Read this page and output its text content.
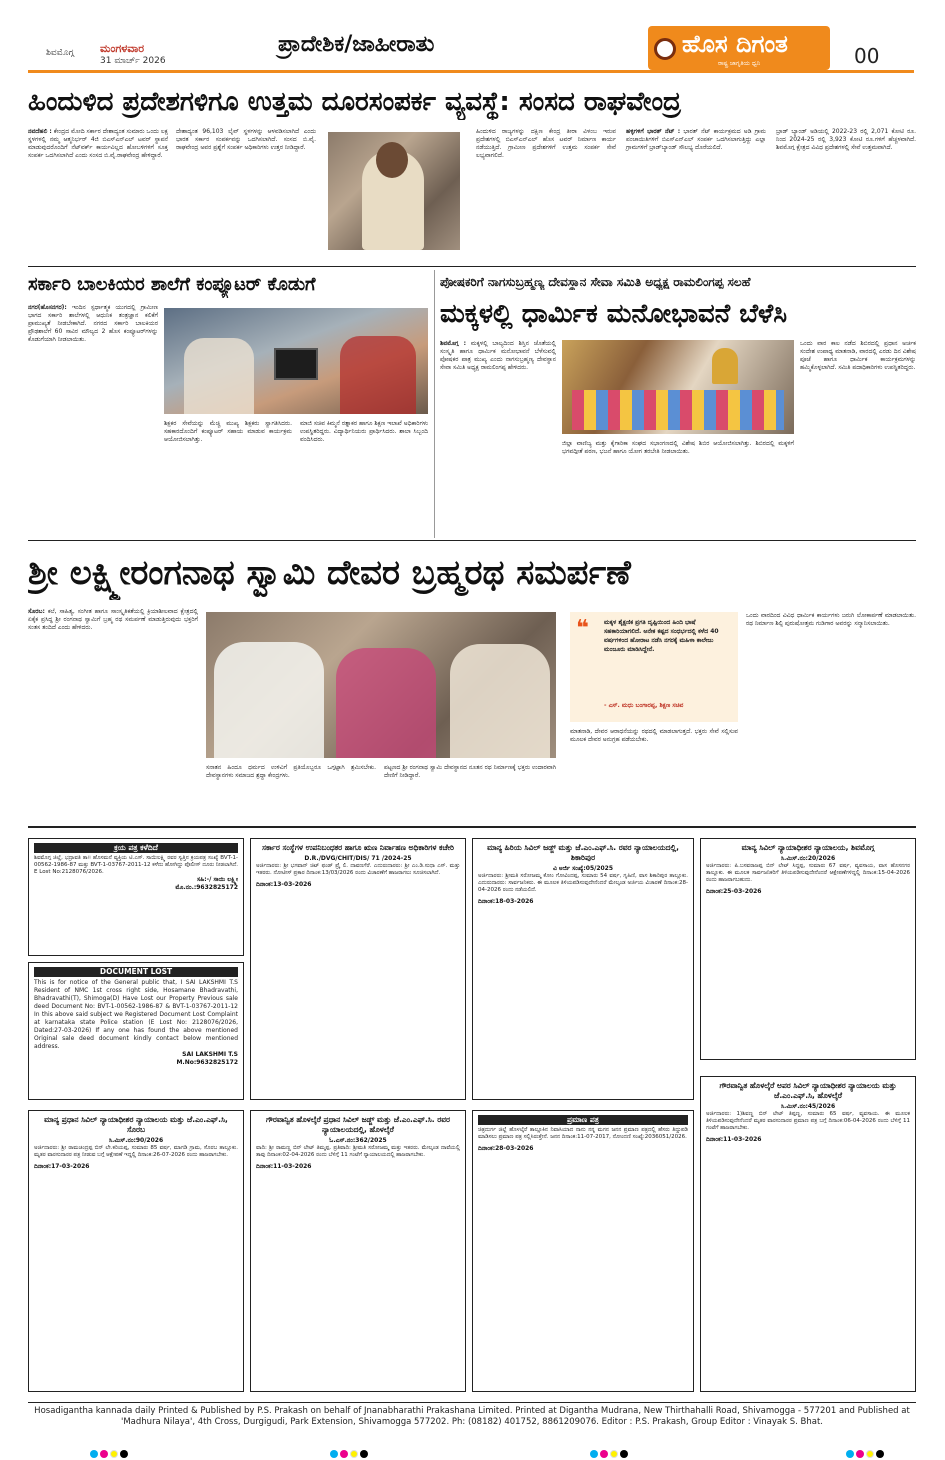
ಶಿವಮೊಗ್ಗ ಮಂಗಳವಾರ
31 ಮಾರ್ಚ್ 2026
ಪ್ರಾದೇಶಿಕ/ಜಾಹೀರಾತು	ಹೊಸ ದಿಗಂತ
ರಾಷ್ಟ್ರ ಜಾಗೃತಿಯ ಧ್ವನಿ	00
ಹಿಂದುಳಿದ ಪ್ರದೇಶಗಳಿಗೂ ಉತ್ತಮ ದೂರಸಂಪರ್ಕ ವ್ಯವಸ್ಥೆ: ಸಂಸದ ರಾಘವೇಂದ್ರ
ನವದೆಹಲಿ : ಕೇಂದ್ರದ ಮೋದಿ ಸರ್ಕಾರ ದೇಶಾದ್ಯಂತ ಸುಮಾರು ಒಂದು ಲಕ್ಷ ಸ್ಥಳಗಳಲ್ಲಿ ನಮ್ಮ ಆತ್ಮನಿರ್ಭರ್ 4ಜಿ ಬಿಎಸ್ಎನ್ಎಲ್ ಟವರ್ ಸ್ಥಾಪನೆ ಮಾಡುವುದರೊಂದಿಗೆ ನೆಟ್‌ವರ್ಕ್ ಕಾರ್ಯವಿಲ್ಲದ ಹೋಬಳಿಗಳಿಗೆ ಸೂಕ್ತ ಸಂಪರ್ಕ ಒದಗಿಸಲಾಗಿದೆ ಎಂದು ಸಂಸದ ಬಿ.ವೈ.ರಾಘವೇಂದ್ರ ಹೇಳಿದ್ದಾರೆ.
ದೇಶಾದ್ಯಂತ 96,103 ಲೈವ್ ಸ್ಥಳಗಳನ್ನು ಆಳವಡಿಸಲಾಗಿದೆ ಎಂದು ಭಾರತ ಸರ್ಕಾರ ಸಂಪರ್ಕವನ್ನು ಒದಗಿಸಲಾಗಿದೆ. ಸಂಸದ ಬಿ.ವೈ. ರಾಘವೇಂದ್ರ ಅವರ ಪ್ರಶ್ನೆಗೆ ಸಂಪರ್ಕ ಅಧಿಕಾರಿಗಳು ಉತ್ತರ ನೀಡಿದ್ದಾರೆ.
ಹಿಂದುಳಿದ ರಾಜ್ಯಗಳನ್ನು ದಕ್ಷಿಣ ಕೇಂದ್ರ ತೀರಾ ವಿಳಂಬ ಇರುವ ಪ್ರದೇಶಗಳಲ್ಲಿ ಬಿಎಸ್ಎನ್ಎಲ್ ಹೊಸ ಟವರ್ ನಿರ್ಮಾಣ ಕಾರ್ಯ ನಡೆಯುತ್ತಿದೆ. ಗ್ರಾಮೀಣ ಪ್ರದೇಶಗಳಿಗೆ ಉತ್ತಮ ಸಂಪರ್ಕ ಸೇವೆ ಲಭ್ಯವಾಗಲಿದೆ.
ಹಳ್ಳಿಗಳಿಗೆ ಭಾರತ್ ನೆಟ್ : ಭಾರತ್ ನೆಟ್ ಕಾರ್ಯಕ್ರಮದ ಅಡಿ ಗ್ರಾಮ ಪಂಚಾಯಿತಿಗಳಿಗೆ ಬಿಎಸ್ಎನ್ಎಲ್ ಸಂಪರ್ಕ ಒದಗಿಸಲಾಗುತ್ತಿದ್ದು ಎಲ್ಲಾ ಗ್ರಾಮಗಳಿಗೆ ಬ್ರಾಡ್‌ಬ್ಯಾಂಡ್ ಸೌಲಭ್ಯ ದೊರೆಯಲಿದೆ.
ಬ್ರಾಡ್ ಬ್ಯಾಂಡ್ ಅಡಿಯಲ್ಲಿ 2022-23 ರಲ್ಲಿ 2,071 ಕೋಟಿ ರೂ. ನಿಂದ 2024-25 ರಲ್ಲಿ 3,923 ಕೋಟಿ ರೂ.ಗಳಿಗೆ ಹೆಚ್ಚಳವಾಗಿದೆ. ಶಿವಮೊಗ್ಗ ಕ್ಷೇತ್ರದ ವಿವಿಧ ಪ್ರದೇಶಗಳಲ್ಲಿ ಸೇವೆ ಉತ್ತಮವಾಗಿದೆ.
ಸರ್ಕಾರಿ ಬಾಲಕಿಯರ ಶಾಲೆಗೆ ಕಂಪ್ಯೂಟರ್ ಕೊಡುಗೆ
ನಗರ(ಹೊಸನಗರ): ಇಂದಿನ ಸ್ಪರ್ಧಾತ್ಮಕ ಯುಗದಲ್ಲಿ ಗ್ರಾಮೀಣ ಭಾಗದ ಸರ್ಕಾರಿ ಶಾಲೆಗಳಲ್ಲಿ ಆಧುನಿಕ ತಂತ್ರಜ್ಞಾನ ಕಲಿಕೆಗೆ ಪ್ರಾಮುಖ್ಯತೆ ನೀಡಬೇಕಾಗಿದೆ. ನಗರದ ಸರ್ಕಾರಿ ಬಾಲಕಿಯರ ಪ್ರೌಢಶಾಲೆಗೆ 60 ಸಾವಿರ ಮೌಲ್ಯದ 2 ಹೊಸ ಕಂಪ್ಯೂಟರ್‌ಗಳನ್ನು ಕೊಡುಗೆಯಾಗಿ ನೀಡಲಾಯಿತು.
ಶಿಕ್ಷಕರ ಸೇವೆಯನ್ನು ಮೆಚ್ಚಿ ಮುಖ್ಯ ಶಿಕ್ಷಕರು ಸ್ವಾಗತಿಸಿದರು. ಸಹಕಾರದೊಂದಿಗೆ ಕಂಪ್ಯೂಟರ್ ಸಹಾಯ ಮಾಡುವ ಕಾರ್ಯಕ್ರಮ ಆಯೋಜಿಸಲಾಗಿತ್ತು.
ಮಾಜಿ ಸಚಿವ ಕಿಮ್ಮನೆ ರತ್ನಾಕರ ಹಾಗೂ ಶಿಕ್ಷಣ ಇಲಾಖೆ ಅಧಿಕಾರಿಗಳು ಉಪಸ್ಥಿತರಿದ್ದರು. ವಿದ್ಯಾರ್ಥಿನಿಯರು ಪ್ರಾರ್ಥಿಸಿದರು. ಶಾಲಾ ಸಿಬ್ಬಂದಿ ವಂದಿಸಿದರು.
ಪೋಷಕರಿಗೆ ನಾಗಸುಬ್ರಹ್ಮಣ್ಯ ದೇವಸ್ಥಾನ ಸೇವಾ ಸಮಿತಿ ಅಧ್ಯಕ್ಷ ರಾಮಲಿಂಗಪ್ಪ ಸಲಹೆ
ಮಕ್ಕಳಲ್ಲಿ ಧಾರ್ಮಿಕ ಮನೋಭಾವನೆ ಬೆಳೆಸಿ
ಶಿವಮೊಗ್ಗ : ಮಕ್ಕಳಲ್ಲಿ ಬಾಲ್ಯದಿಂದ ಶಿಸ್ತಿನ ಜೊತೆಯಲ್ಲಿ ಸಂಸ್ಕೃತಿ ಹಾಗೂ ಧಾರ್ಮಿಕ ಮನೋಭಾವನೆ ಬೆಳೆಸುವಲ್ಲಿ ಪೋಷಕರ ಪಾತ್ರ ಮುಖ್ಯ ಎಂದು ನಾಗಸುಬ್ರಹ್ಮಣ್ಯ ದೇವಸ್ಥಾನ ಸೇವಾ ಸಮಿತಿ ಅಧ್ಯಕ್ಷ ರಾಮಲಿಂಗಪ್ಪ ಹೇಳಿದರು.
ಜಿಲ್ಲಾ ವಾಣಿಜ್ಯ ಮತ್ತು ಕೈಗಾರಿಕಾ ಸಂಘದ ಸಭಾಂಗಣದಲ್ಲಿ ವಿಶೇಷ ಶಿಬಿರ ಆಯೋಜಿಸಲಾಗಿತ್ತು. ಶಿಬಿರದಲ್ಲಿ ಮಕ್ಕಳಿಗೆ ಭಗವದ್ಗೀತೆ ಪಠಣ, ಭಜನೆ ಹಾಗೂ ಯೋಗ ತರಬೇತಿ ನೀಡಲಾಯಿತು.
ಒಂದು ವಾರ ಕಾಲ ನಡೆದ ಶಿಬಿರದಲ್ಲಿ ಪ್ರಧಾನ ಅರ್ಚಕ ಸಂದೇಶ ಉಪಾಧ್ಯ ಮಾತನಾಡಿ, ವಾರದಲ್ಲಿ ಎರಡು ದಿನ ವಿಶೇಷ ಪೂಜೆ ಹಾಗೂ ಧಾರ್ಮಿಕ ಕಾರ್ಯಕ್ರಮಗಳನ್ನು ಹಮ್ಮಿಕೊಳ್ಳಲಾಗಿದೆ. ಸಮಿತಿ ಪದಾಧಿಕಾರಿಗಳು ಉಪಸ್ಥಿತರಿದ್ದರು.
ಶ್ರೀ ಲಕ್ಷ್ಮೀರಂಗನಾಥ ಸ್ವಾಮಿ ದೇವರ ಬ್ರಹ್ಮರಥ ಸಮರ್ಪಣೆ
ಸೊರಬ: ಕಲೆ, ಸಾಹಿತ್ಯ, ಸಂಗೀತ ಹಾಗೂ ಸಾಂಸ್ಕೃತಿಕತೆಯಲ್ಲಿ ಕ್ರಿಯಾಶೀಲವಾದ ಕ್ಷೇತ್ರದಲ್ಲಿ ಏಕೈಕ ಪ್ರಸಿದ್ಧ ಶ್ರೀ ರಂಗನಾಥ ಸ್ವಾಮಿಗೆ ಬ್ರಹ್ಮ ರಥ ಸಮರ್ಪಣೆ ಮಾಡುತ್ತಿರುವುದು ಭಕ್ತರಿಗೆ ಸಂತಸ ತಂದಿದೆ ಎಂದು ಹೇಳಿದರು.
ಸನಾತನ ಹಿಂದೂ ಧರ್ಮದ ಉಳಿವಿಗೆ ಪ್ರತಿಯೊಬ್ಬರೂ ಒಗ್ಗಟ್ಟಾಗಿ ಶ್ರಮಿಸಬೇಕು. ದೇವಸ್ಥಾನಗಳು ಸಮಾಜದ ಶ್ರದ್ಧಾ ಕೇಂದ್ರಗಳು.
ಪಟ್ಟಣದ ಶ್ರೀ ರಂಗನಾಥ ಸ್ವಾಮಿ ದೇವಸ್ಥಾನದ ನೂತನ ರಥ ನಿರ್ಮಾಣಕ್ಕೆ ಭಕ್ತರು ಉದಾರವಾಗಿ ದೇಣಿಗೆ ನೀಡಿದ್ದಾರೆ.
❝	ಮಕ್ಕಳ ಶೈಕ್ಷಣಿಕ ಪ್ರಗತಿ ದೃಷ್ಟಿಯಿಂದ ಹಿಂದಿ ಭಾಷೆ ಸಹಕಾರಿಯಾಗಲಿದೆ. ಅನೇಕ ಕಷ್ಟದ ಸಂಧರ್ಭದಲ್ಲಿ ಕಳೆದ 40 ವರ್ಷಗಳಿಂದ ಹೋರಾಟ ನಡೆಸಿ ನಗರಕ್ಕೆ ಮಹಿಳಾ ಕಾಲೇಜು ಮಂಜೂರು ಮಾಡಿಸಿದ್ದೇನೆ.
- ಎಸ್. ಮಧು ಬಂಗಾರಪ್ಪ, ಶಿಕ್ಷಣ ಸಚಿವ
ಮಾತನಾಡಿ, ದೇವರ ಆರಾಧನೆಯನ್ನು ರಥದಲ್ಲಿ ಮಾಡಲಾಗುತ್ತದೆ. ಭಕ್ತರು ಸೇವೆ ಸಲ್ಲಿಸುವ ಮೂಲಕ ದೇವರ ಅನುಗ್ರಹ ಪಡೆಯಬೇಕು.
ಒಂದು ವಾರದಿಂದ ವಿವಿಧ ಧಾರ್ಮಿಕ ಕಾರ್ಯಗಳು ಜರುಗಿ ಲೋಕಾರ್ಪಣೆ ಮಾಡಲಾಯಿತು. ರಥ ನಿರ್ಮಾಣ ಶಿಲ್ಪಿ ಪುರುಷೋತ್ತಮ ಗುಡಿಗಾರ ಅವರನ್ನು ಸನ್ಮಾನಿಸಲಾಯಿತು.
ಕ್ರಯ ಪತ್ರ ಕಳೆದಿದೆ
ಶಿವಮೊಗ್ಗ ಜಿಲ್ಲೆ, ಭದ್ರಾವತಿ ತಾ॥ ಹೊಸಮನೆ ವ್ಯಕ್ತಿಯ ಟಿ.ಎಸ್. ಸಾಯಿಲಕ್ಷ್ಮಿ ರವರ ಸ್ವತ್ತಿನ ಕ್ರಯಪತ್ರ ಸಂಖ್ಯೆ BVT-1-00562-1986-87 ಮತ್ತು BVT-1-03767-2011-12 ಕಳೆದು ಹೋಗಿದ್ದು ಪೊಲೀಸ್ ದೂರು ನೀಡಲಾಗಿದೆ. E Lost No:2128076/2026.
ಸಹಿ:-/ ಸಾಯಿ ಲಕ್ಷ್ಮೀ
ಮೊ.ನಂ.:9632825172
DOCUMENT LOST
This is for notice of the General public that, I SAI LAKSHMI T.S Resident of NMC 1st cross right side, Hosamane Bhadravathi, Bhadravathi(T), Shimoga(D) Have Lost our Property Previous sale deed Document No: BVT-1-00562-1986-87 & BVT-1-03767-2011-12 In this above said subject we Registered Document Lost Complaint at karnataka state Police station (E Lost No: 2128076/2026, Dated:27-03-2026) If any one has found the above mentioned Original sale deed document kindly contact below mentioned address.
SAI LAKSHMI T.S
M.No:9632825172
ಸರ್ಕಾರ ಸಂಸ್ಥೆಗಳ ಉಪನಿಬಂಧಕರ ಹಾಗೂ ಋಣ ನಿರ್ವಾಹಣ ಅಧಿಕಾರಿಗಳ ಕಚೇರಿ
D.R./DVG/CHIT/DIS/ 71 /2024-25
ಅರ್ಜಿದಾರರು: ಶ್ರೀ ಭಗವಾನ್ ಚಿಟ್ ಫಂಡ್ ಪ್ರೈ ಲಿ. ದಾವಣಗೆರೆ. ಎದುರುದಾರರು: ಶ್ರೀ ಎಂ.ಡಿ.ಸುಧಾ ಎಸ್. ಮತ್ತು ಇತರರು. ನೋಟೀಸ್ ಪ್ರಕಾರ ದಿನಾಂಕ:13/03/2026 ರಂದು ವಿಚಾರಣೆಗೆ ಹಾಜರಾಗಲು ಸೂಚಿಸಲಾಗಿದೆ.
ದಿನಾಂಕ:13-03-2026
ಮಾನ್ಯ ಹಿರಿಯ ಸಿವಿಲ್ ಜಡ್ಜ್ ಮತ್ತು ಜೆ.ಎಂ.ಎಫ್.ಸಿ. ರವರ ನ್ಯಾಯಾಲಯದಲ್ಲಿ, ಶಿಕಾರಿಪುರ
ವಿ ಅರ್ಜಿ ಸಂಖ್ಯೆ:05/2025
ಅರ್ಜಿದಾರರು: ಶ್ರೀಮತಿ ಸರೋಜಮ್ಮ ಕೋಂ ಗೋವಿಂದಪ್ಪ, ಸುಮಾರು 54 ವರ್ಷ, ಗೃಹಿಣಿ, ವಾಸ ಶಿಕಾರಿಪುರ ತಾಲ್ಲೂಕು. ಎದುರುದಾರರು: ಸಾರ್ವಜನಿಕರು. ಈ ಮೂಲಕ ತಿಳಿಯಪಡಿಸುವುದೇನೆಂದರೆ ಮೇಲ್ಕಂಡ ಅರ್ಜಿಯ ವಿಚಾರಣೆ ದಿನಾಂಕ:28-04-2026 ರಂದು ನಡೆಯಲಿದೆ.
ದಿನಾಂಕ:18-03-2026
ಮಾನ್ಯ ಸಿವಿಲ್ ನ್ಯಾಯಾಧೀಶರ ನ್ಯಾಯಾಲಯ, ಶಿವಮೊಗ್ಗ
ಸಿ.ಮಿಸ್.ನಂ:20/2026
ಅರ್ಜಿದಾರರು: ಪಿ.ಬಸವರಾಜಪ್ಪ ಬಿನ್ ಲೇಟ್ ಸಿದ್ದಪ್ಪ, ಸುಮಾರು 67 ವರ್ಷ, ವ್ಯವಸಾಯ, ವಾಸ ಹೊಸನಗರ ತಾಲ್ಲೂಕು. ಈ ಮೂಲಕ ಸಾರ್ವಜನಿಕರಿಗೆ ತಿಳಿಯಪಡಿಸುವುದೇನೆಂದರೆ ಆಕ್ಷೇಪಣೆಗಳಿದ್ದಲ್ಲಿ ದಿನಾಂಕ:15-04-2026 ರಂದು ಹಾಜರಾಗಬಹುದು.
ದಿನಾಂಕ:25-03-2026
ಮಾನ್ಯ ಪ್ರಧಾನ ಸಿವಿಲ್ ನ್ಯಾಯಾಧೀಶರ ನ್ಯಾಯಾಲಯ ಮತ್ತು ಜೆ.ಎಂ.ಎಫ್.ಸಿ, ಸೊರಬ
ಸಿ.ಮಿಸ್.ನಂ:90/2026
ಅರ್ಜಿದಾರರು: ಶ್ರೀ ರಾಮಚಂದ್ರಪ್ಪ ಬಿನ್ ಲೇ.ಕರಿಯಪ್ಪ, ಸುಮಾರು 85 ವರ್ಷ, ಮಾಗಡಿ ಗ್ರಾಮ, ಸೊರಬ ತಾಲ್ಲೂಕು. ಮೃತರ ವಾರಸುದಾರರ ಪತ್ರ ನೀಡುವ ಬಗ್ಗೆ ಆಕ್ಷೇಪಣೆ ಇದ್ದಲ್ಲಿ ದಿನಾಂಕ:26-07-2026 ರಂದು ಹಾಜರಾಗಬೇಕು.
ದಿನಾಂಕ:17-03-2026
ಗೌರವಾನ್ವಿತ ಹೊಳಲ್ಕೆರೆ ಪ್ರಧಾನ ಸಿವಿಲ್ ಜಡ್ಜ್ ಮತ್ತು ಜೆ.ಎಂ.ಎಫ್.ಸಿ. ರವರ ನ್ಯಾಯಾಲಯದಲ್ಲಿ, ಹೊಳಲ್ಕೆರೆ
ಓ.ಎಸ್.ನಂ:362/2025
ವಾದಿ: ಶ್ರೀ ರಾಮಣ್ಣ ಬಿನ್ ಲೇಟ್ ತಿಮ್ಮಪ್ಪ. ಪ್ರತಿವಾದಿ: ಶ್ರೀಮತಿ ಸರೋಜಮ್ಮ ಮತ್ತು ಇತರರು. ಮೇಲ್ಕಂಡ ದಾವೆಯಲ್ಲಿ ತಾವು ದಿನಾಂಕ:02-04-2026 ರಂದು ಬೆಳಿಗ್ಗೆ 11 ಗಂಟೆಗೆ ನ್ಯಾಯಾಲಯದಲ್ಲಿ ಹಾಜರಾಗಬೇಕು.
ದಿನಾಂಕ:11-03-2026
ಪ್ರಮಾಣ ಪತ್ರ
ಚಿತ್ರದುರ್ಗ ಜಿಲ್ಲೆ ಹೊಳಲ್ಕೆರೆ ತಾಲ್ಲೂಕಿನ ನಿವಾಸಿಯಾದ ನಾನು ನನ್ನ ಮಗನ ಜನನ ಪ್ರಮಾಣ ಪತ್ರದಲ್ಲಿ ಹೆಸರು ತಿದ್ದುಪಡಿ ಮಾಡಿಸಲು ಪ್ರಮಾಣ ಪತ್ರ ಸಲ್ಲಿಸಿರುತ್ತೇನೆ. ಜನನ ದಿನಾಂಕ:11-07-2017, ನೋಂದಣಿ ಸಂಖ್ಯೆ:2036051/2026.
ದಿನಾಂಕ:28-03-2026
ಗೌರವಾನ್ವಿತ ಹೊಳಲ್ಕೆರೆ ಅಪರ ಸಿವಿಲ್ ನ್ಯಾಯಾಧೀಶರ ನ್ಯಾಯಾಲಯ ಮತ್ತು ಜೆ.ಎಂ.ಎಫ್.ಸಿ, ಹೊಳಲ್ಕೆರೆ
ಸಿ.ಮಿಸ್.ನಂ:45/2026
ಅರ್ಜಿದಾರರು: 1)ಶಿವಣ್ಣ ಬಿನ್ ಲೇಟ್ ತಿಪ್ಪಣ್ಣ, ಸುಮಾರು 65 ವರ್ಷ, ವ್ಯವಸಾಯ. ಈ ಮೂಲಕ ತಿಳಿಯಪಡಿಸುವುದೇನೆಂದರೆ ಮೃತರ ವಾರಸುದಾರರ ಪ್ರಮಾಣ ಪತ್ರ ಬಗ್ಗೆ ದಿನಾಂಕ:06-04-2026 ರಂದು ಬೆಳಿಗ್ಗೆ 11 ಗಂಟೆಗೆ ಹಾಜರಾಗಬೇಕು.
ದಿನಾಂಕ:11-03-2026
Hosadigantha kannada daily Printed & Published by P.S. Prakash on behalf of Jnanabharathi Prakashana Limited. Printed at Digantha Mudrana, New Thirthahalli Road, Shivamogga - 577201 and Published at 'Madhura Nilaya', 4th Cross, Durgigudi, Park Extension, Shivamogga 577202. Ph: (08182) 401752, 8861209076. Editor : P.S. Prakash, Group Editor : Vinayak S. Bhat.
